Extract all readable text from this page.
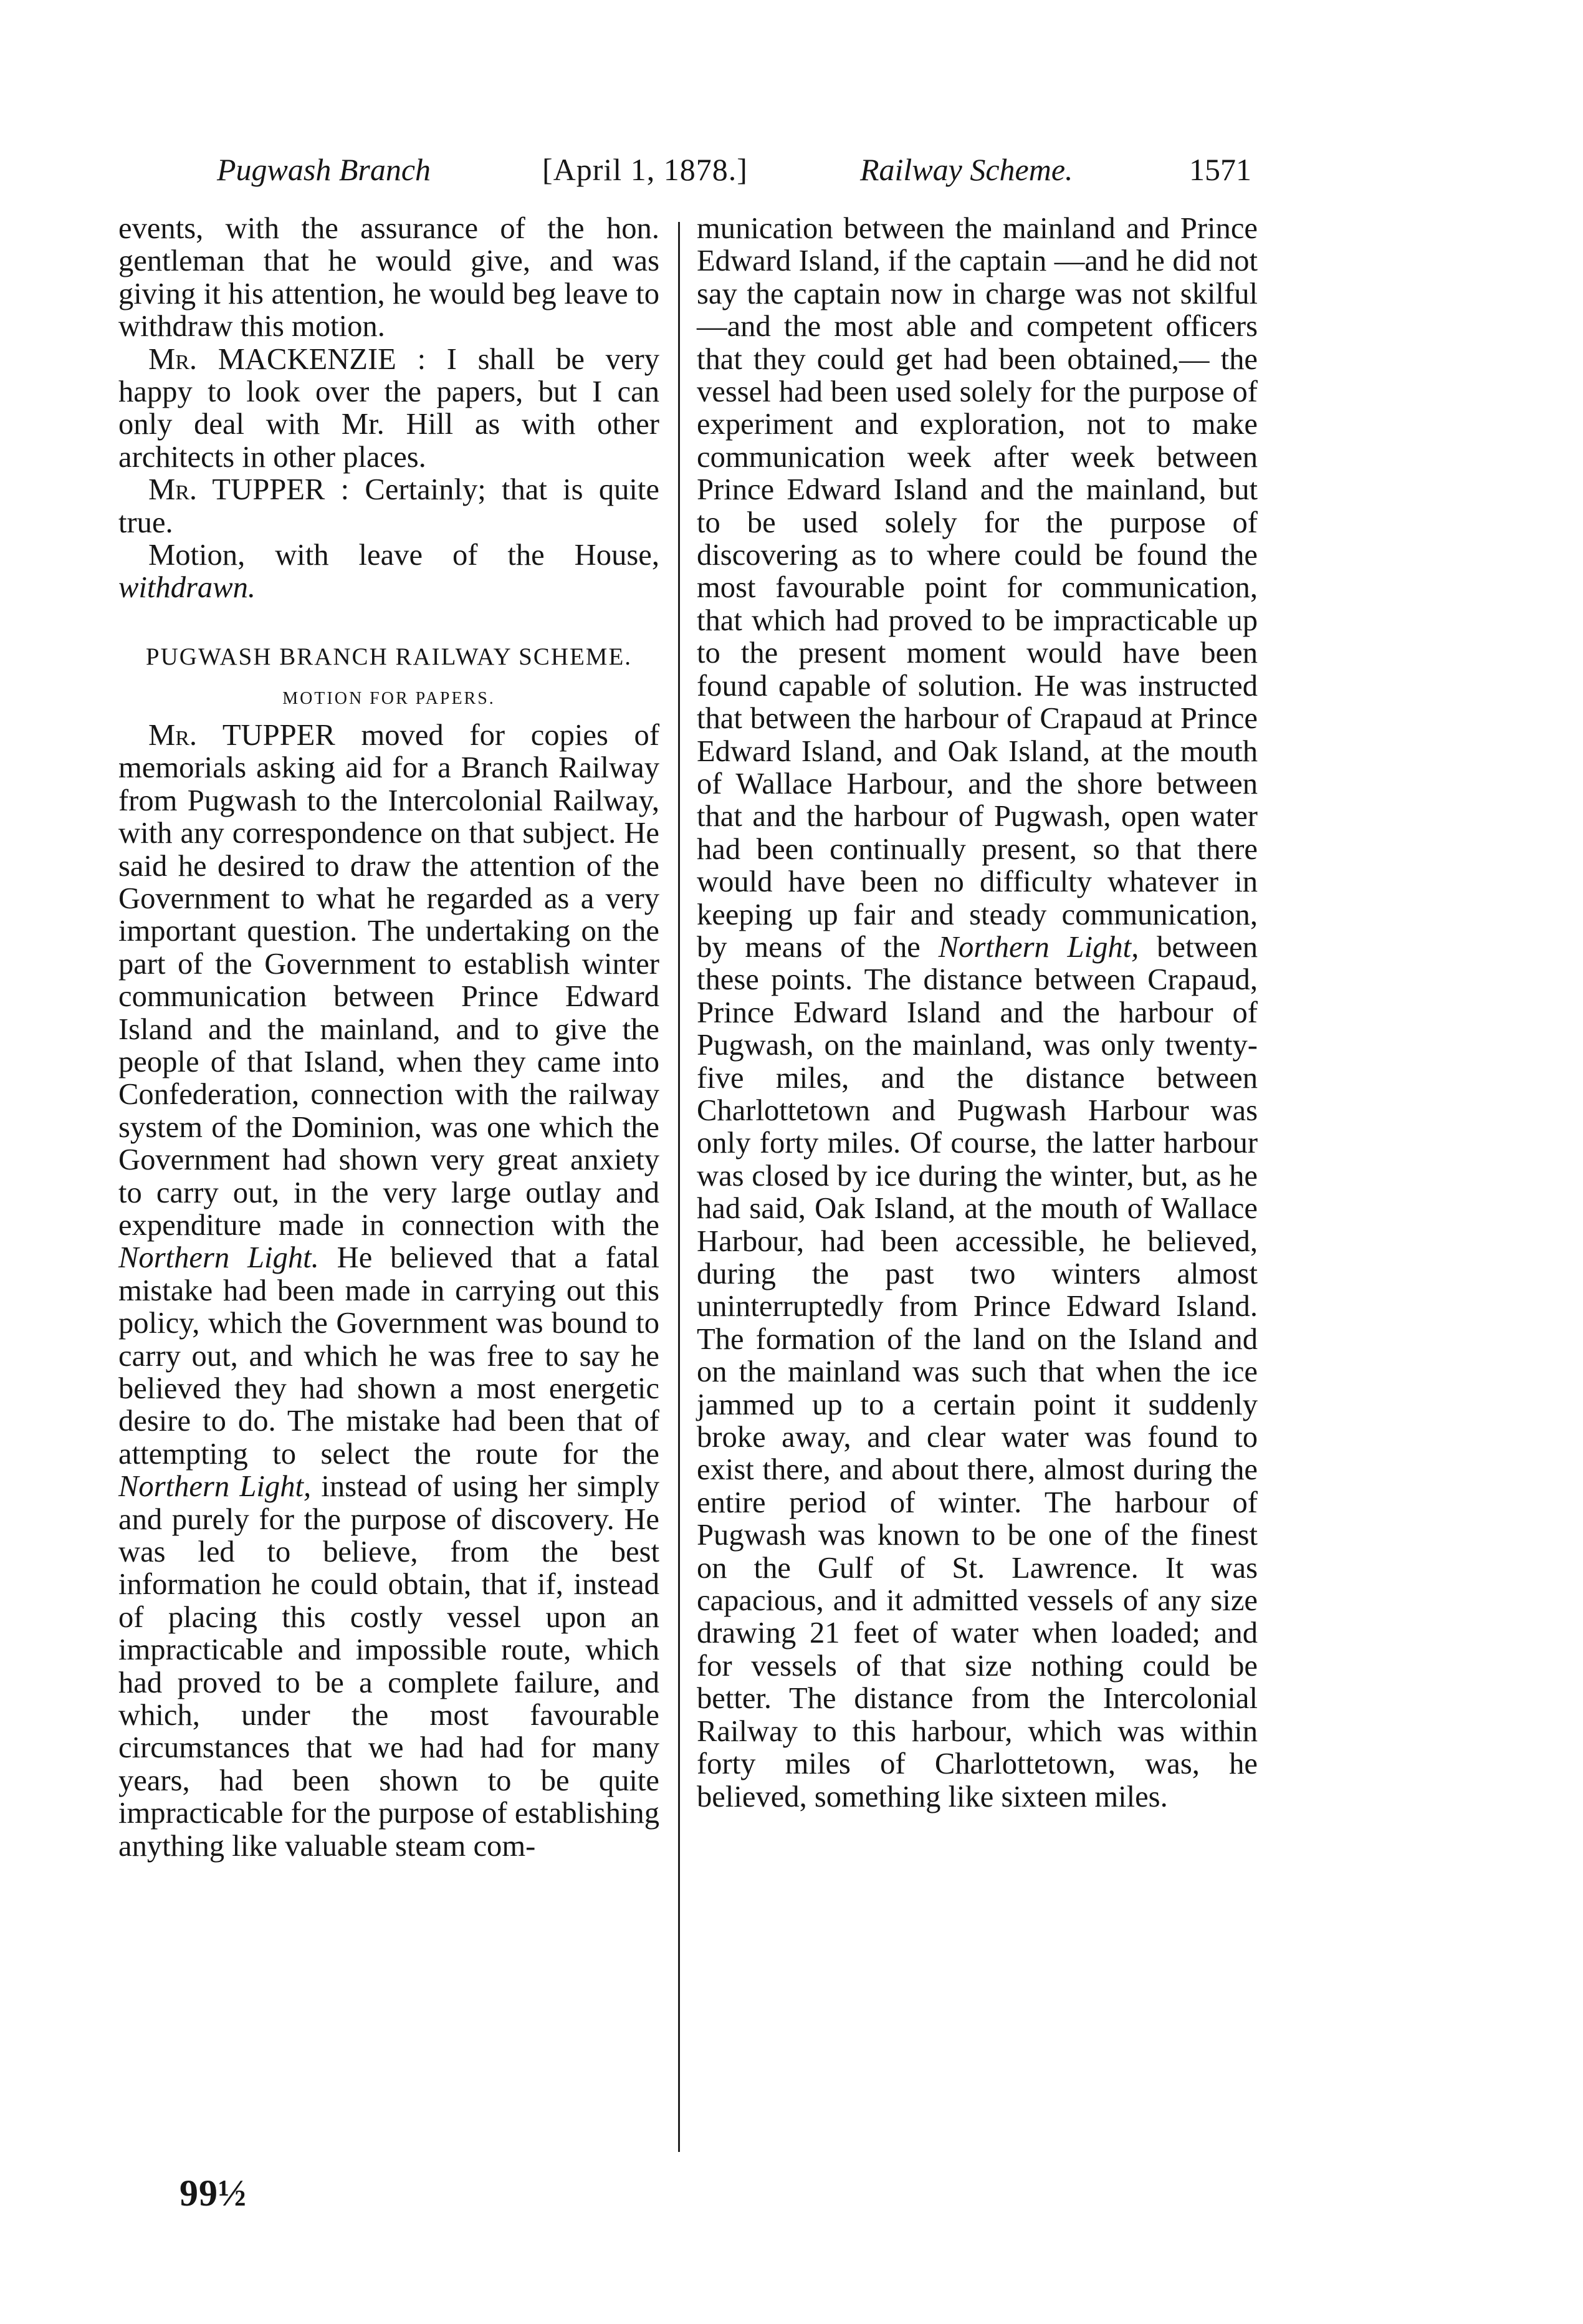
Pugwash Branch	[April 1, 1878.]	Railway Scheme.	1571

events, with the assurance of the hon. gentleman that he would give, and was giving it his attention, he would beg leave to withdraw this motion.

Mr. MACKENZIE : I shall be very happy to look over the papers, but I can only deal with Mr. Hill as with other architects in other places.

Mr. TUPPER : Certainly; that is quite true.

Motion, with leave of the House, withdrawn.

PUGWASH BRANCH RAILWAY SCHEME.

MOTION FOR PAPERS.

Mr. TUPPER moved for copies of memorials asking aid for a Branch Railway from Pugwash to the Intercolonial Railway, with any correspondence on that subject. He said he desired to draw the attention of the Government to what he regarded as a very important question. The undertaking on the part of the Government to establish winter communication between Prince Edward Island and the mainland, and to give the people of that Island, when they came into Confederation, connection with the railway system of the Dominion, was one which the Government had shown very great anxiety to carry out, in the very large outlay and expenditure made in connection with the Northern Light. He believed that a fatal mistake had been made in carrying out this policy, which the Government was bound to carry out, and which he was free to say he believed they had shown a most energetic desire to do. The mistake had been that of attempting to select the route for the Northern Light, instead of using her simply and purely for the purpose of discovery. He was led to believe, from the best information he could obtain, that if, instead of placing this costly vessel upon an impracticable and impossible route, which had proved to be a complete failure, and which, under the most favourable circumstances that we had had for many years, had been shown to be quite impracticable for the purpose of establishing anything like valuable steam com-

munication between the mainland and Prince Edward Island, if the captain —and he did not say the captain now in charge was not skilful—and the most able and competent officers that they could get had been obtained,— the vessel had been used solely for the purpose of experiment and exploration, not to make communication week after week between Prince Edward Island and the mainland, but to be used solely for the purpose of discovering as to where could be found the most favourable point for communication, that which had proved to be impracticable up to the present moment would have been found capable of solution. He was instructed that between the harbour of Crapaud at Prince Edward Island, and Oak Island, at the mouth of Wallace Harbour, and the shore between that and the harbour of Pugwash, open water had been continually present, so that there would have been no difficulty whatever in keeping up fair and steady communication, by means of the Northern Light, between these points. The distance between Crapaud, Prince Edward Island and the harbour of Pugwash, on the mainland, was only twenty-five miles, and the distance between Charlottetown and Pugwash Harbour was only forty miles. Of course, the latter harbour was closed by ice during the winter, but, as he had said, Oak Island, at the mouth of Wallace Harbour, had been accessible, he believed, during the past two winters almost uninterruptedly from Prince Edward Island. The formation of the land on the Island and on the mainland was such that when the ice jammed up to a certain point it suddenly broke away, and clear water was found to exist there, and about there, almost during the entire period of winter. The harbour of Pugwash was known to be one of the finest on the Gulf of St. Lawrence. It was capacious, and it admitted vessels of any size drawing 21 feet of water when loaded; and for vessels of that size nothing could be better. The distance from the Intercolonial Railway to this harbour, which was within forty miles of Charlottetown, was, he believed, something like sixteen miles.

99½
